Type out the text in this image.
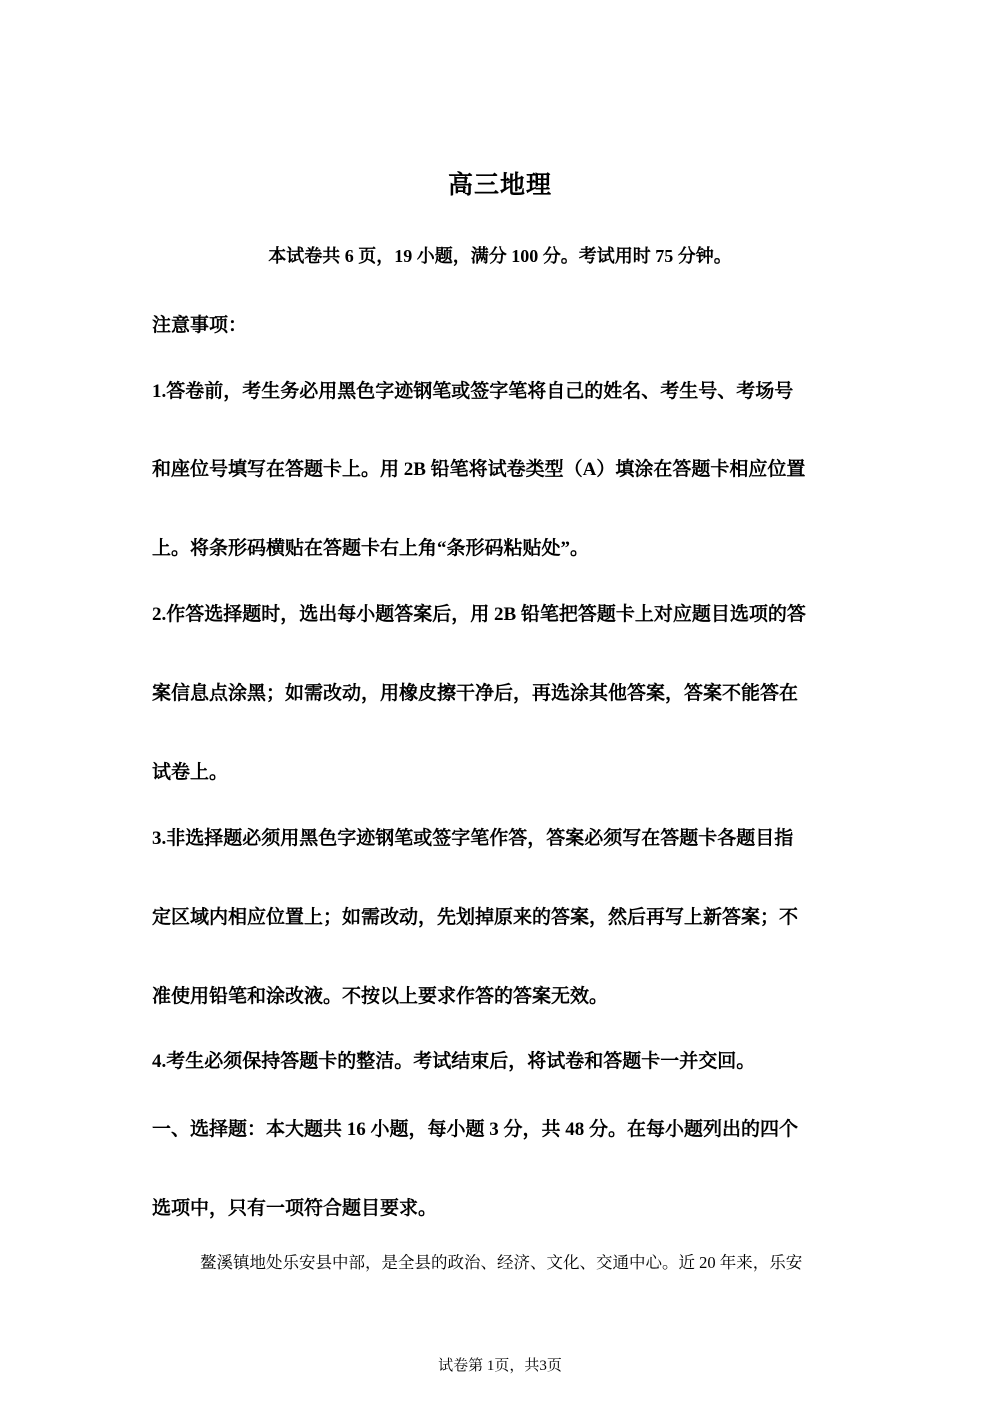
高三地理
本试卷共 6 页，19 小题，满分 100 分。考试用时 75 分钟。
注意事项：
1.答卷前，考生务必用黑色字迹钢笔或签字笔将自己的姓名、考生号、考场号
和座位号填写在答题卡上。用 2B 铅笔将试卷类型（A）填涂在答题卡相应位置
上。将条形码横贴在答题卡右上角“条形码粘贴处”。
2.作答选择题时，选出每小题答案后，用 2B 铅笔把答题卡上对应题目选项的答
案信息点涂黑；如需改动，用橡皮擦干净后，再选涂其他答案，答案不能答在
试卷上。
3.非选择题必须用黑色字迹钢笔或签字笔作答，答案必须写在答题卡各题目指
定区域内相应位置上；如需改动，先划掉原来的答案，然后再写上新答案；不
准使用铅笔和涂改液。不按以上要求作答的答案无效。
4.考生必须保持答题卡的整洁。考试结束后，将试卷和答题卡一并交回。
一、选择题：本大题共 16 小题，每小题 3 分，共 48 分。在每小题列出的四个
选项中，只有一项符合题目要求。
鳌溪镇地处乐安县中部，是全县的政治、经济、文化、交通中心。近 20 年来，乐安
试卷第 1页，共3页
